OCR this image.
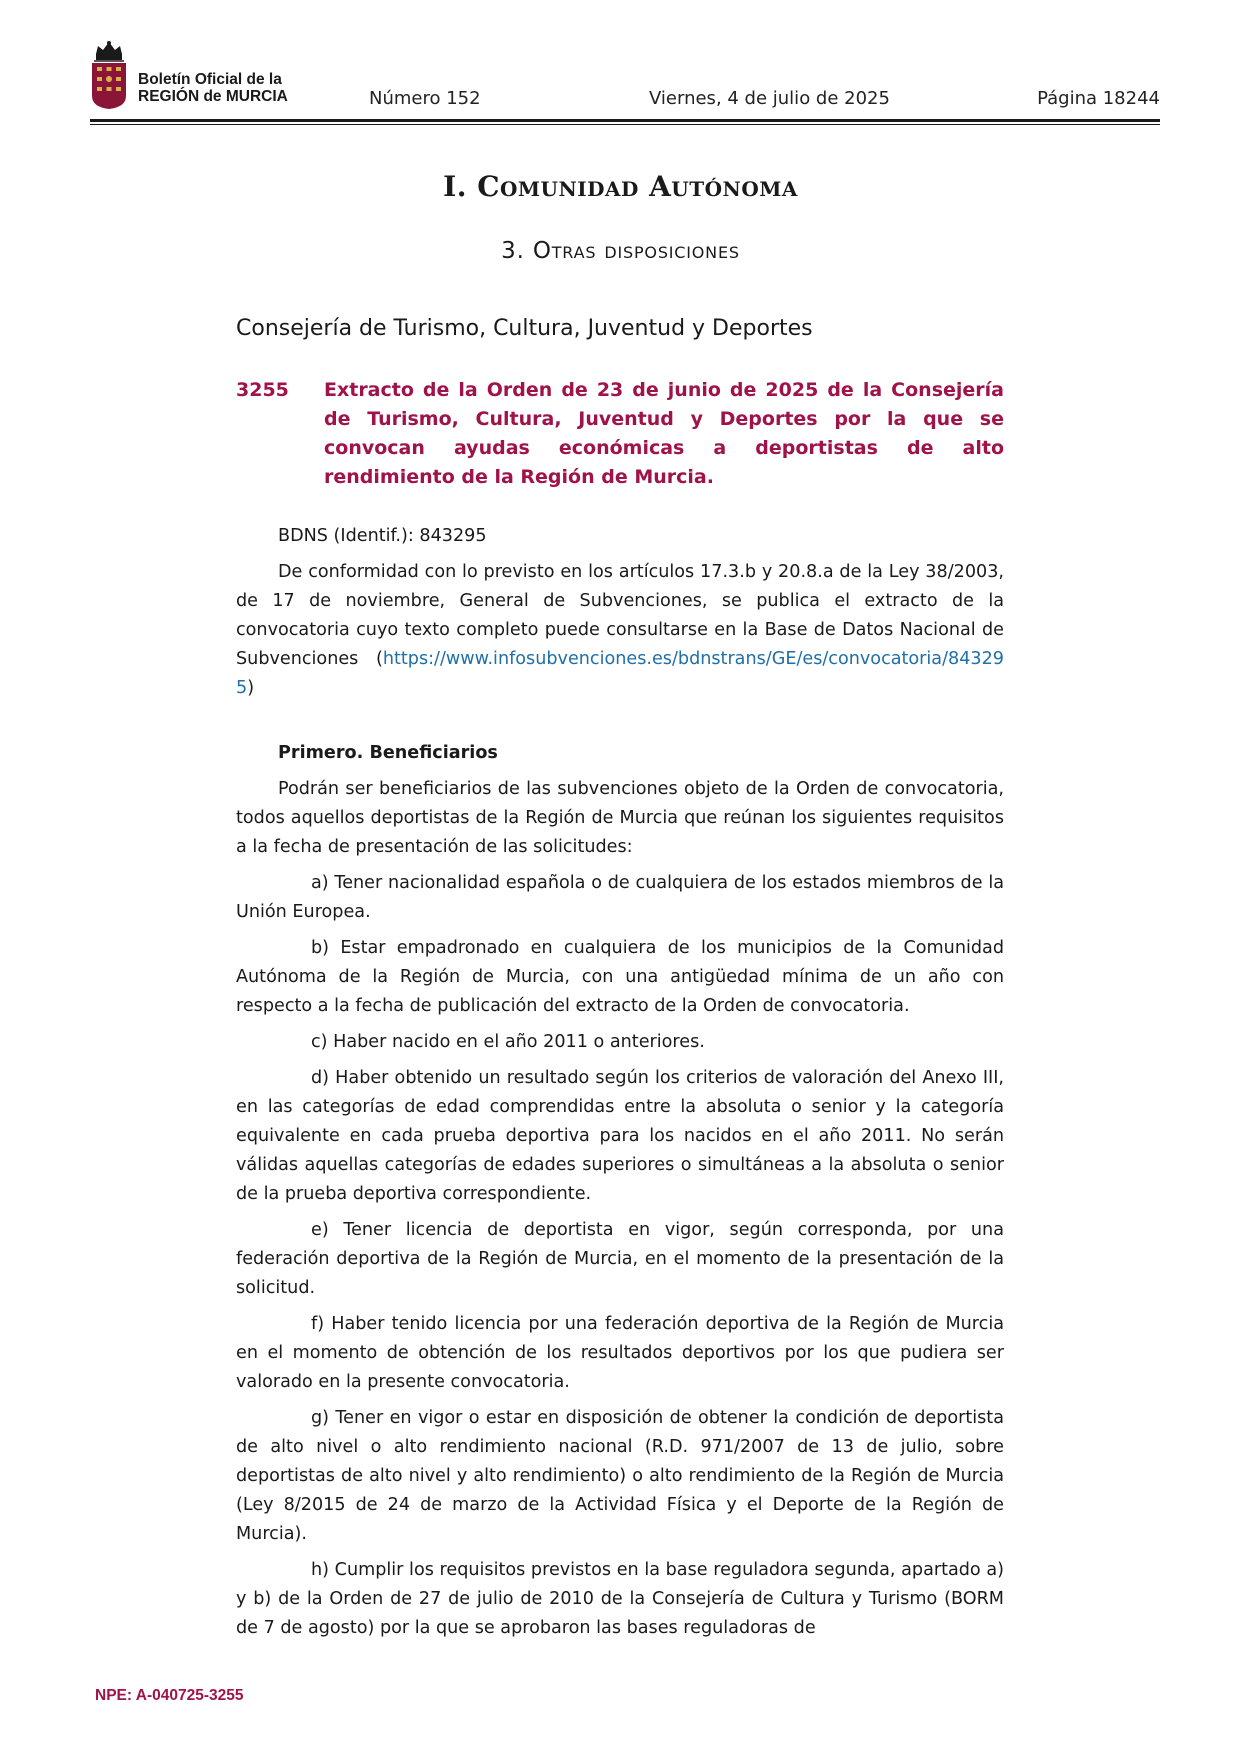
Boletín Oficial de la
REGIÓN de MURCIA	Número 152	Viernes, 4 de julio de 2025	Página 18244
I. Comunidad Autónoma
3. Otras disposiciones
Consejería de Turismo, Cultura, Juventud y Deportes
3255 Extracto de la Orden de 23 de junio de 2025 de la Consejería de Turismo, Cultura, Juventud y Deportes por la que se convocan ayudas económicas a deportistas de alto rendimiento de la Región de Murcia.

BDNS (Identif.): 843295

De conformidad con lo previsto en los artículos 17.3.b y 20.8.a de la Ley 38/2003, de 17 de noviembre, General de Subvenciones, se publica el extracto de la convocatoria cuyo texto completo puede consultarse en la Base de Datos Nacional de Subvenciones (https://www.infosubvenciones.es/bdnstrans/GE/es/convocatoria/843295)

Primero. Beneficiarios

Podrán ser beneficiarios de las subvenciones objeto de la Orden de convocatoria, todos aquellos deportistas de la Región de Murcia que reúnan los siguientes requisitos a la fecha de presentación de las solicitudes:

a) Tener nacionalidad española o de cualquiera de los estados miembros de la Unión Europea.

b) Estar empadronado en cualquiera de los municipios de la Comunidad Autónoma de la Región de Murcia, con una antigüedad mínima de un año con respecto a la fecha de publicación del extracto de la Orden de convocatoria.

c) Haber nacido en el año 2011 o anteriores.

d) Haber obtenido un resultado según los criterios de valoración del Anexo III, en las categorías de edad comprendidas entre la absoluta o senior y la categoría equivalente en cada prueba deportiva para los nacidos en el año 2011. No serán válidas aquellas categorías de edades superiores o simultáneas a la absoluta o senior de la prueba deportiva correspondiente.

e) Tener licencia de deportista en vigor, según corresponda, por una federación deportiva de la Región de Murcia, en el momento de la presentación de la solicitud.

f) Haber tenido licencia por una federación deportiva de la Región de Murcia en el momento de obtención de los resultados deportivos por los que pudiera ser valorado en la presente convocatoria.

g) Tener en vigor o estar en disposición de obtener la condición de deportista de alto nivel o alto rendimiento nacional (R.D. 971/2007 de 13 de julio, sobre deportistas de alto nivel y alto rendimiento) o alto rendimiento de la Región de Murcia (Ley 8/2015 de 24 de marzo de la Actividad Física y el Deporte de la Región de Murcia).

h) Cumplir los requisitos previstos en la base reguladora segunda, apartado a) y b) de la Orden de 27 de julio de 2010 de la Consejería de Cultura y Turismo (BORM de 7 de agosto) por la que se aprobaron las bases reguladoras de

NPE: A-040725-3255
